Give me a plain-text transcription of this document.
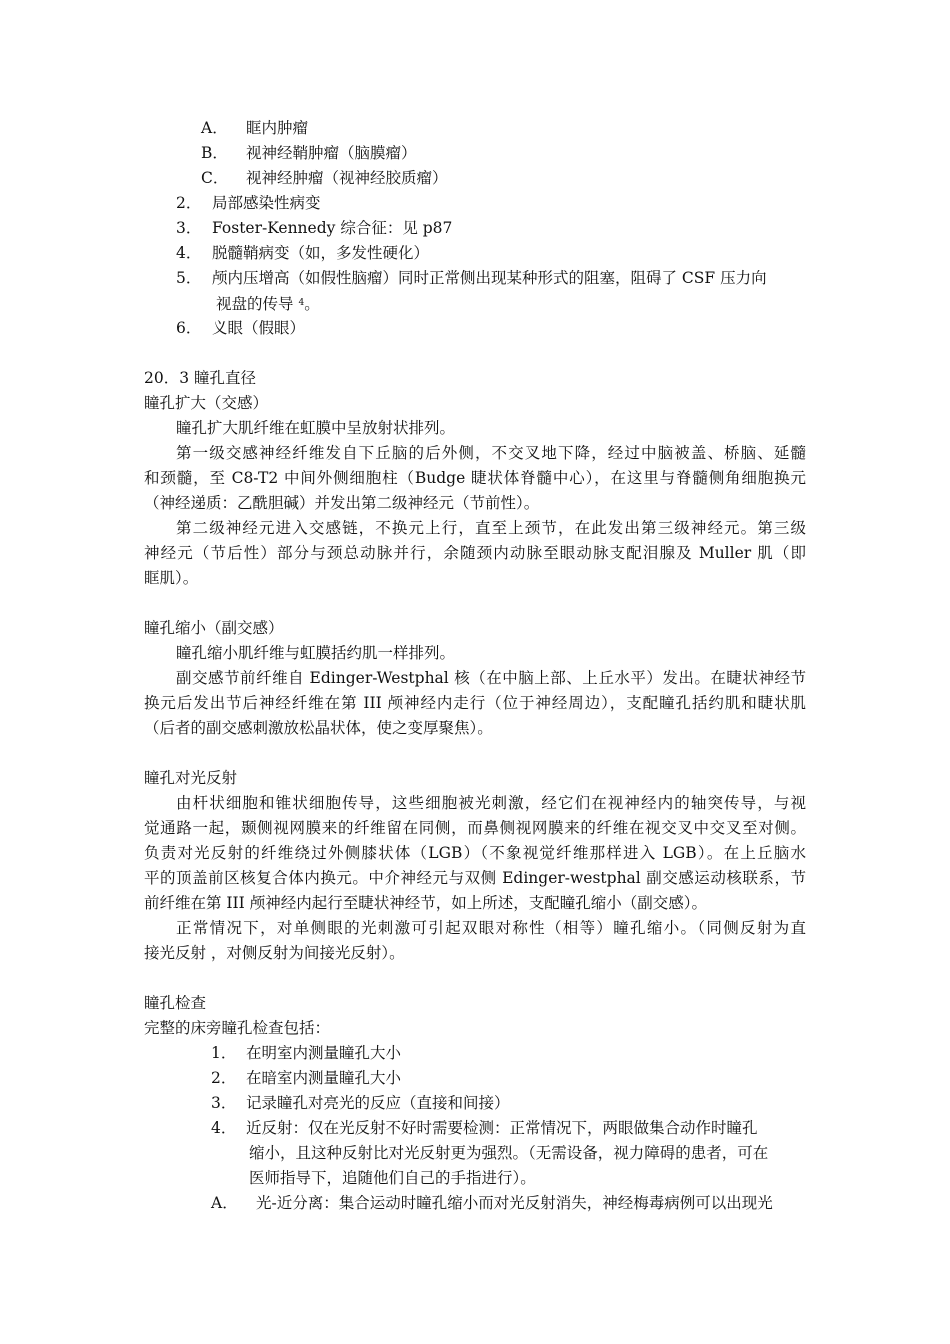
A． 眶内肿瘤
B． 视神经鞘肿瘤（脑膜瘤）
C． 视神经肿瘤（视神经胶质瘤）
2． 局部感染性病变
3． Foster-Kennedy 综合征：见 p87
4． 脱髓鞘病变（如，多发性硬化）
5． 颅内压增高（如假性脑瘤）同时正常侧出现某种形式的阻塞，阻碍了 CSF 压力向
视盘的传导 $^4$。
6． 义眼（假眼）
20．3 瞳孔直径
瞳孔扩大（交感）
瞳孔扩大肌纤维在虹膜中呈放射状排列。
第一级交感神经纤维发自下丘脑的后外侧，不交叉地下降，经过中脑被盖、桥脑、延髓
和颈髓，至 C8-T2 中间外侧细胞柱（Budge 睫状体脊髓中心），在这里与脊髓侧角细胞换元
（神经递质：乙酰胆碱）并发出第二级神经元（节前性）。
第二级神经元进入交感链，不换元上行，直至上颈节，在此发出第三级神经元。第三级
神经元（节后性）部分与颈总动脉并行，余随颈内动脉至眼动脉支配泪腺及 Muller 肌（即
眶肌）。
瞳孔缩小（副交感）
瞳孔缩小肌纤维与虹膜括约肌一样排列。
副交感节前纤维自 Edinger-Westphal 核（在中脑上部、上丘水平）发出。在睫状神经节
换元后发出节后神经纤维在第 III 颅神经内走行（位于神经周边），支配瞳孔括约肌和睫状肌
（后者的副交感刺激放松晶状体，使之变厚聚焦）。
瞳孔对光反射
由杆状细胞和锥状细胞传导，这些细胞被光刺激，经它们在视神经内的轴突传导，与视
觉通路一起，颞侧视网膜来的纤维留在同侧，而鼻侧视网膜来的纤维在视交叉中交叉至对侧。
负责对光反射的纤维绕过外侧膝状体（LGB）（不象视觉纤维那样进入 LGB）。在上丘脑水
平的顶盖前区核复合体内换元。中介神经元与双侧 Edinger-westphal 副交感运动核联系，节
前纤维在第 III 颅神经内起行至睫状神经节，如上所述，支配瞳孔缩小（副交感）。
正常情况下，对单侧眼的光刺激可引起双眼对称性（相等）瞳孔缩小。（同侧反射为直
接光反射 ，对侧反射为间接光反射）。
瞳孔检查
完整的床旁瞳孔检查包括：
1． 在明室内测量瞳孔大小
2． 在暗室内测量瞳孔大小
3． 记录瞳孔对亮光的反应（直接和间接）
4． 近反射：仅在光反射不好时需要检测：正常情况下，两眼做集合动作时瞳孔
缩小，且这种反射比对光反射更为强烈。（无需设备，视力障碍的患者，可在
医师指导下，追随他们自己的手指进行）。
A． 光-近分离：集合运动时瞳孔缩小而对光反射消失，神经梅毒病例可以出现光
